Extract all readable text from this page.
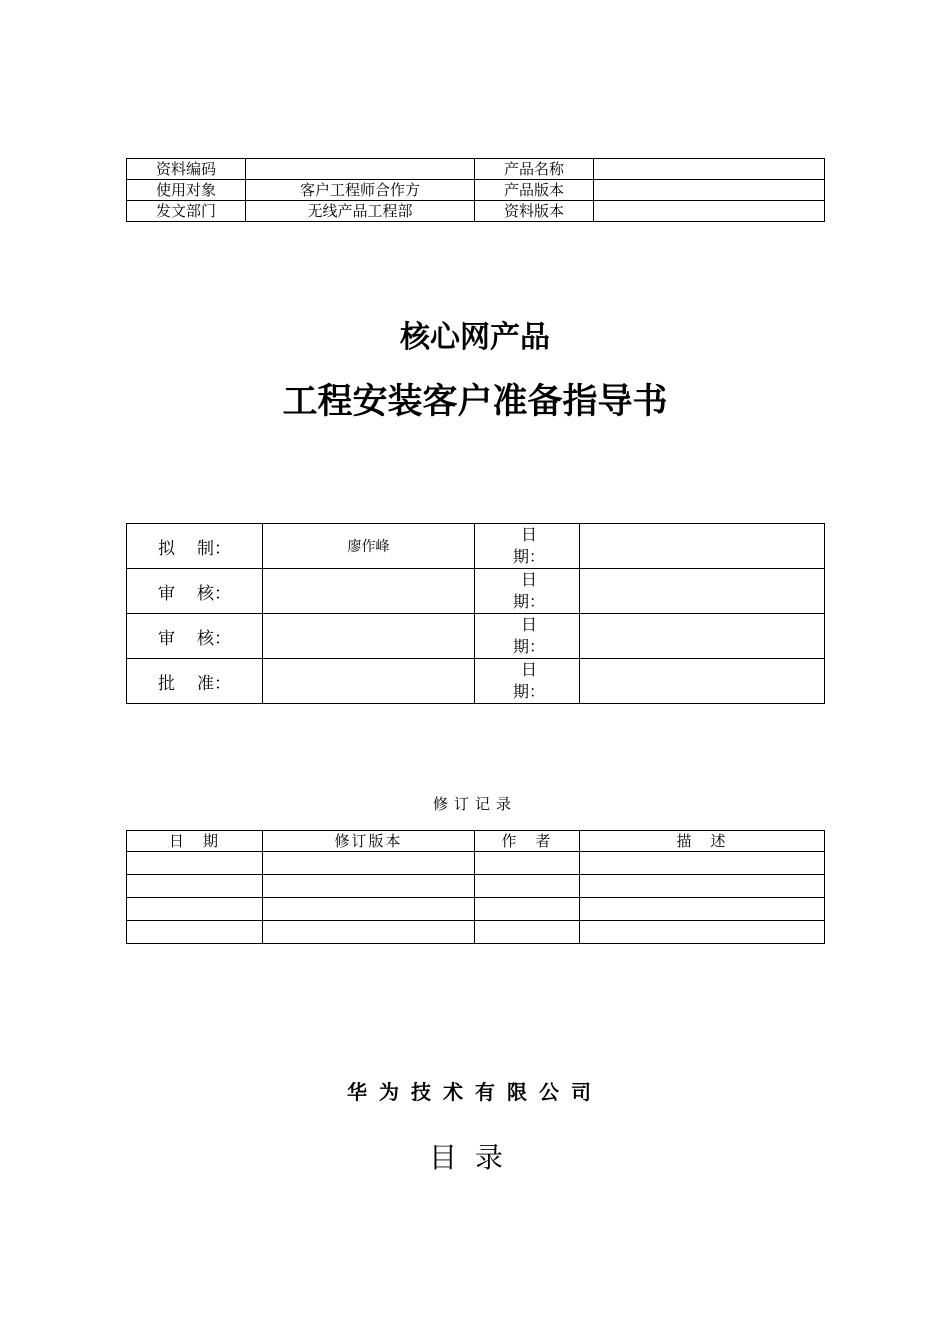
资料编码		产品名称	
使用对象	客户工程师合作方	产品版本	
发文部门	无线产品工程部	资料版本	
核心网产品
工程安装客户准备指导书
拟 制：	廖作峰	日
期：	

审 核：		日
期：	

审 核：		日
期：	

批 准：		日
期：	

修订记录
日　期	修订版本	作　者	描　述

华为技术有限公司
目录
